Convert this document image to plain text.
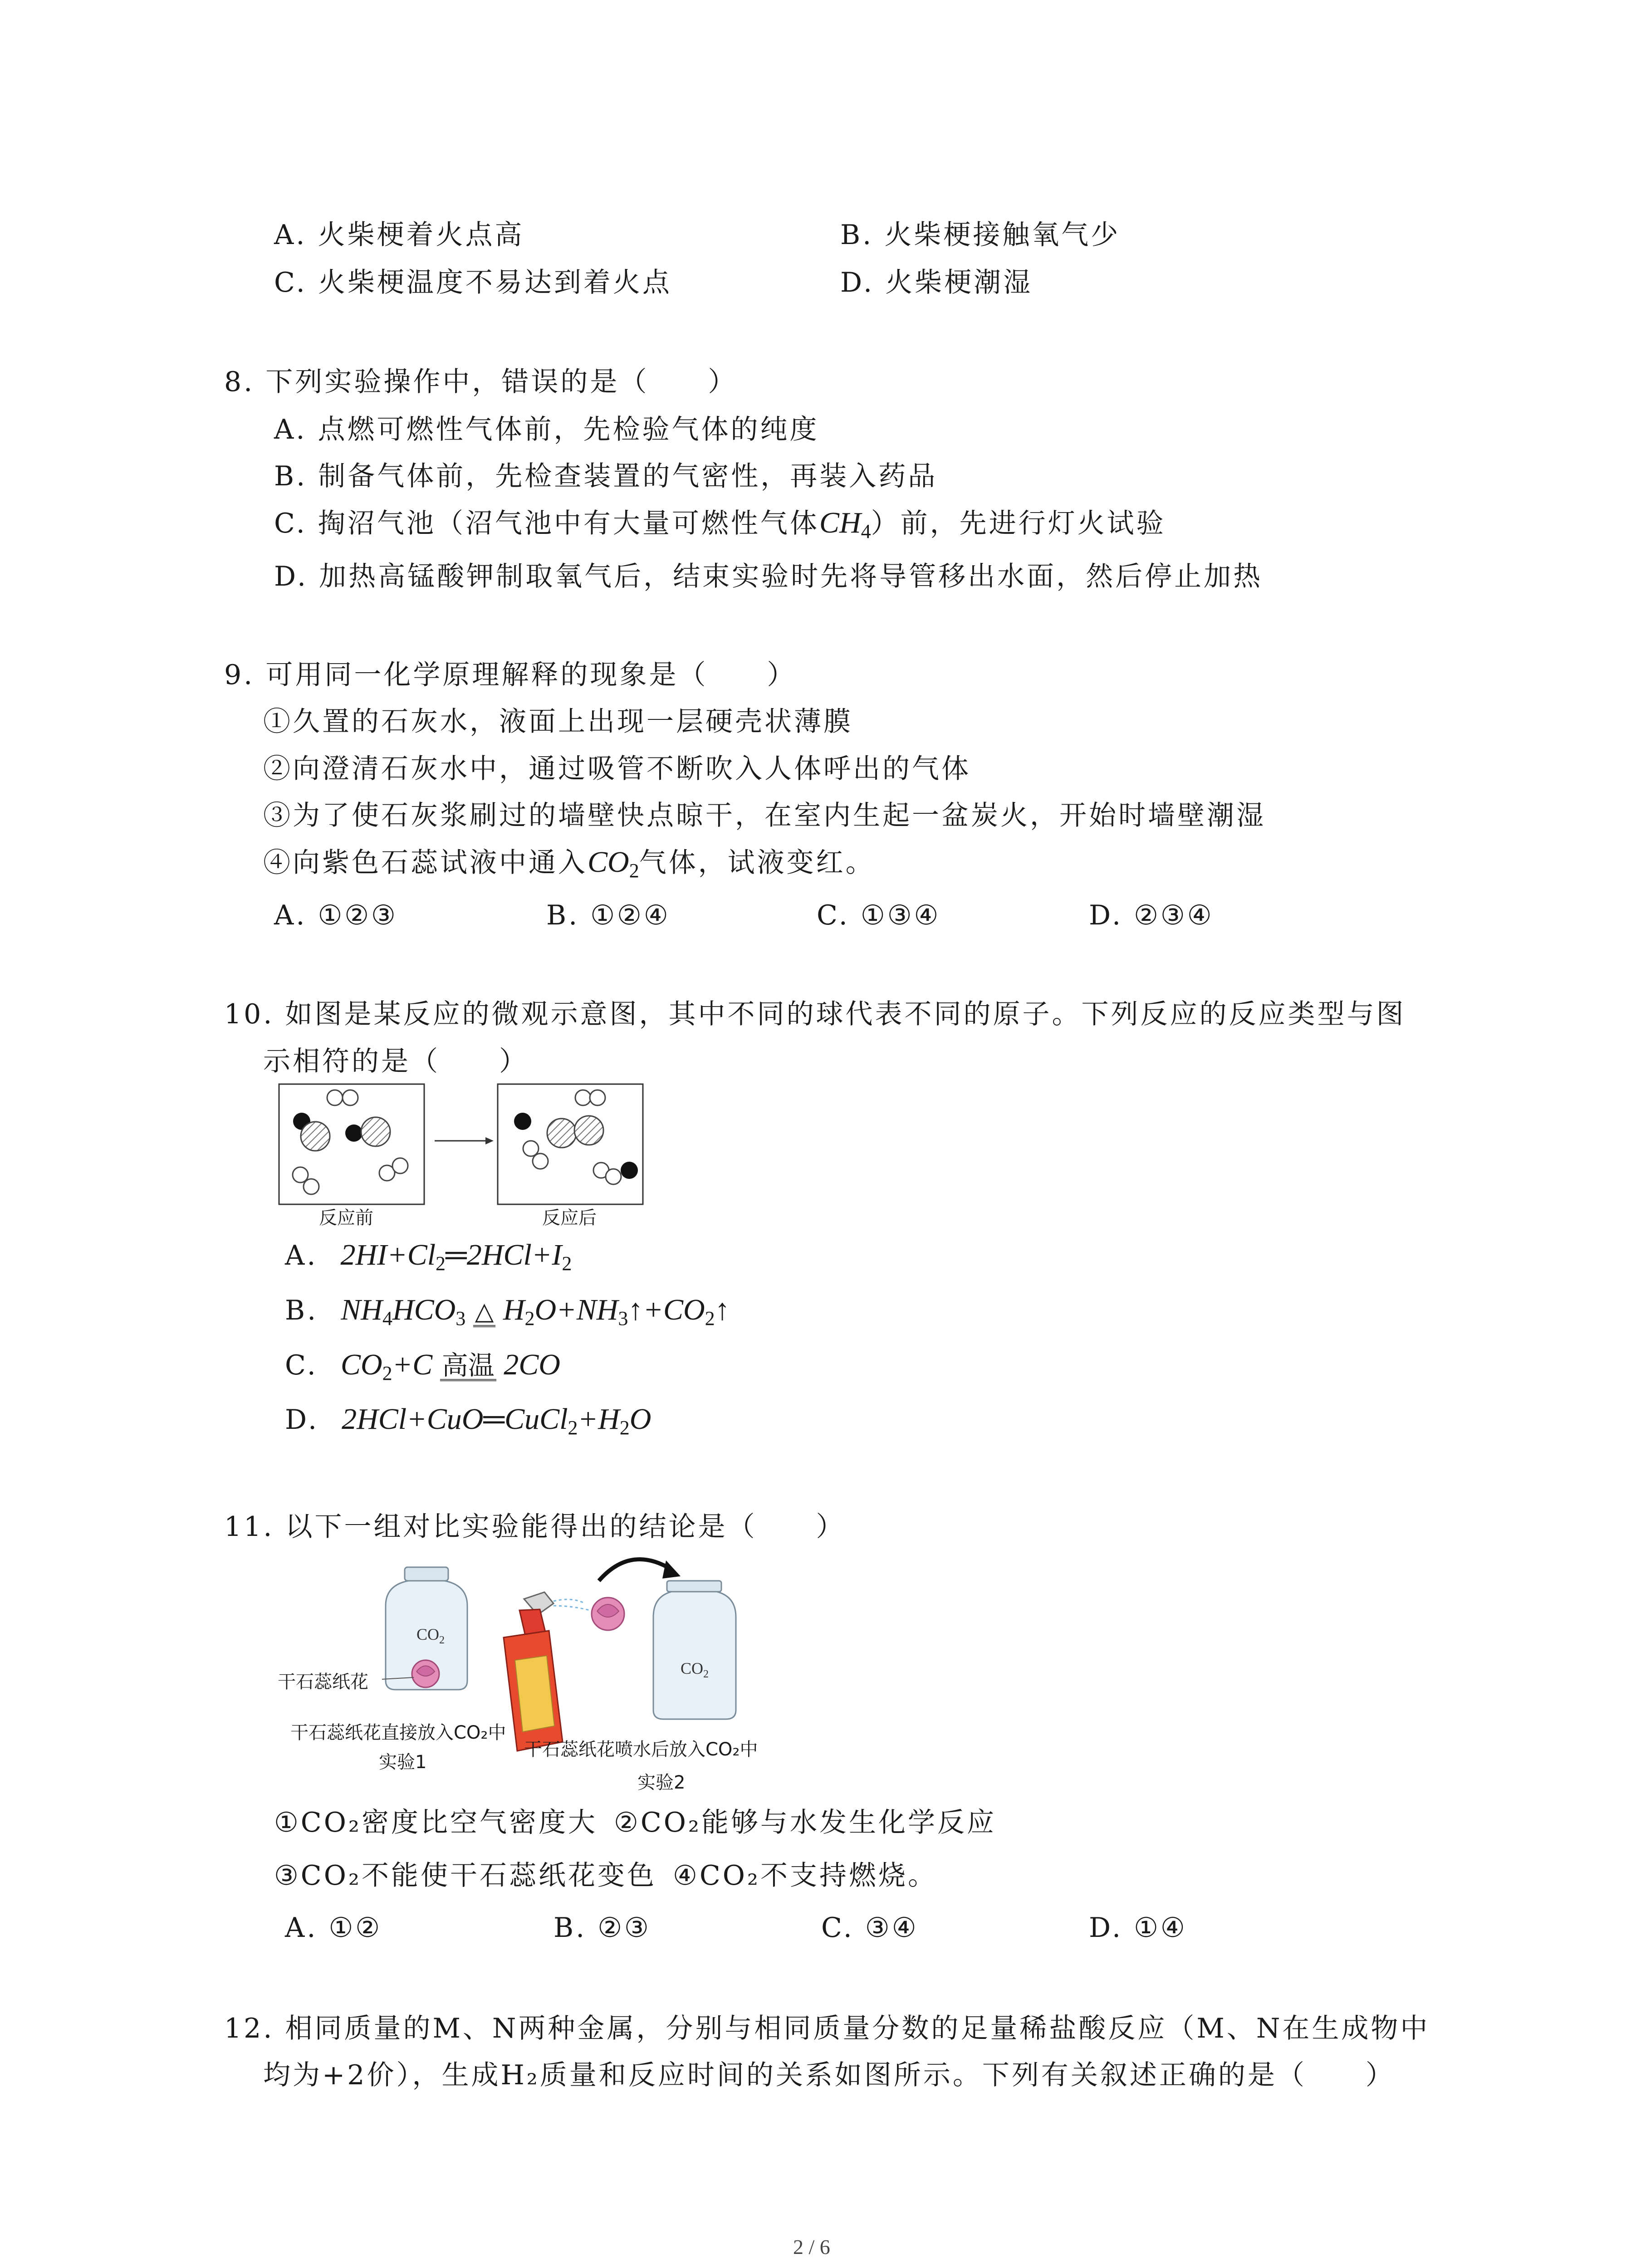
A. 火柴梗着火点高	B. 火柴梗接触氧气少
C. 火柴梗温度不易达到着火点	D. 火柴梗潮湿
8. 下列实验操作中，错误的是（　　）
A. 点燃可燃性气体前，先检验气体的纯度
B. 制备气体前，先检查装置的气密性，再装入药品
C. 掏沼气池（沼气池中有大量可燃性气体$CH_4$）前，先进行灯火试验
D. 加热高锰酸钾制取氧气后，结束实验时先将导管移出水面，然后停止加热
9. 可用同一化学原理解释的现象是（　　）
①久置的石灰水，液面上出现一层硬壳状薄膜
②向澄清石灰水中，通过吸管不断吹入人体呼出的气体
③为了使石灰浆刷过的墙壁快点晾干，在室内生起一盆炭火，开始时墙壁潮湿
④向紫色石蕊试液中通入$CO_2$气体，试液变红。
A. ①②③	B. ①②④	C. ①③④	D. ②③④
10. 如图是某反应的微观示意图，其中不同的球代表不同的原子。下列反应的反应类型与图
示相符的是（　　）
反应前	反应后
A. $2HI+Cl_2═2HCl+I_2$
B. $NH_4HCO_3$ △ $H_2O+NH_3↑+CO_2↑$
C. $CO_2+C$ 高温 2CO
D. $2HCl+CuO═CuCl_2+H_2O$
11. 以下一组对比实验能得出的结论是（　　）
CO 2
CO 2
干石蕊纸花
干石蕊纸花直接放入CO₂中
实验1
干石蕊纸花喷水后放入CO₂中
实验2
①CO₂密度比空气密度大 ②CO₂能够与水发生化学反应
③CO₂不能使干石蕊纸花变色 ④CO₂不支持燃烧。
A. ①②	B. ②③	C. ③④	D. ①④
12. 相同质量的M、N两种金属，分别与相同质量分数的足量稀盐酸反应（M、N在生成物中
均为+2价），生成H₂质量和反应时间的关系如图所示。下列有关叙述正确的是（　　）
2 / 6
